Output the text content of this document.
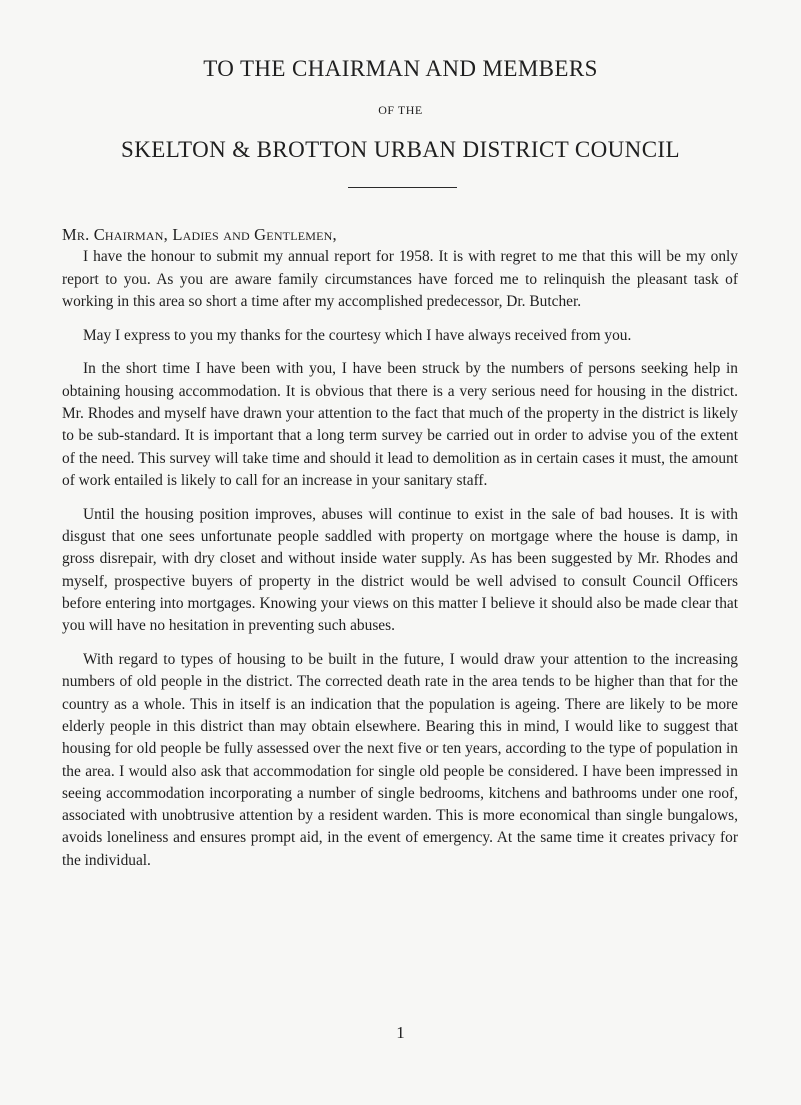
TO THE CHAIRMAN AND MEMBERS
OF THE
SKELTON & BROTTON URBAN DISTRICT COUNCIL

Mr. Chairman, Ladies and Gentlemen,

I have the honour to submit my annual report for 1958. It is with regret to me that this will be my only report to you. As you are aware family circumstances have forced me to relinquish the pleasant task of working in this area so short a time after my accomplished predecessor, Dr. Butcher.

May I express to you my thanks for the courtesy which I have always received from you.

In the short time I have been with you, I have been struck by the numbers of persons seeking help in obtaining housing accommodation. It is obvious that there is a very serious need for housing in the district. Mr. Rhodes and myself have drawn your attention to the fact that much of the property in the district is likely to be sub-standard. It is important that a long term survey be carried out in order to advise you of the extent of the need. This survey will take time and should it lead to demolition as in certain cases it must, the amount of work entailed is likely to call for an increase in your sanitary staff.

Until the housing position improves, abuses will continue to exist in the sale of bad houses. It is with disgust that one sees unfortunate people saddled with property on mortgage where the house is damp, in gross disrepair, with dry closet and without inside water supply. As has been suggested by Mr. Rhodes and myself, prospective buyers of property in the district would be well advised to consult Council Officers before entering into mortgages. Knowing your views on this matter I believe it should also be made clear that you will have no hesitation in preventing such abuses.

With regard to types of housing to be built in the future, I would draw your attention to the increasing numbers of old people in the district. The corrected death rate in the area tends to be higher than that for the country as a whole. This in itself is an indication that the population is ageing. There are likely to be more elderly people in this district than may obtain elsewhere. Bearing this in mind, I would like to suggest that housing for old people be fully assessed over the next five or ten years, according to the type of population in the area. I would also ask that accommodation for single old people be considered. I have been impressed in seeing accommodation incorporating a number of single bedrooms, kitchens and bathrooms under one roof, associated with unobtrusive attention by a resident warden. This is more economical than single bungalows, avoids loneliness and ensures prompt aid, in the event of emergency. At the same time it creates privacy for the individual.

1
